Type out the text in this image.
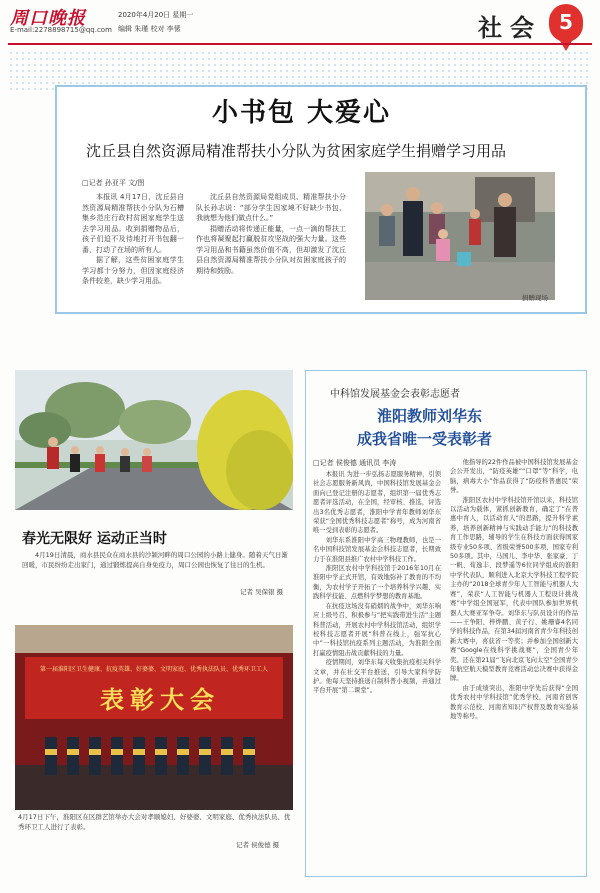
周口晚报
E-mail:2278898715@qq.com
2020年4月20日 星期一
编辑 朱瑾 校对 李愫	社会 5
小书包 大爱心
沈丘县自然资源局精准帮扶小分队为贫困家庭学生捐赠学习用品
□记者 孙亚平 文/图

本报讯 4月17日，沈丘县自然资源局精准帮扶小分队为石槽集乡范庄行政村贫困家庭学生送去学习用品。收到捐赠物品后，孩子们迫不及待地打开书包翻一番，打动了在场的所有人。

据了解，这些贫困家庭学生学习都十分努力，但因家庭经济条件较差，缺少学习用品。

沈丘县自然资源局党组成员、精准帮扶小分队长孙志说：“部分学生因家境不好缺少书包，我就想为他们做点什么。”

捐赠活动将传递正能量，一点一滴的帮扶工作也将凝聚起打赢脱贫攻坚战的强大力量。这些学习用品和书籍虽然价值不高，但却激发了沈丘县自然资源局精准帮扶小分队对贫困家庭孩子的期待和鼓励。

捐赠现场
春光无限好 运动正当时
4月19日清晨，商水县民众在商水县的沙颍河畔的周口公园的小路上健身。随着天气日渐回暖，市民纷纷走出家门，通过锻炼提高自身免疫力，周口公园也恢复了往日的生机。
记者 吴保银 摄
第一届淮阳区卫生健康、抗疫英雄、好婆婆、文明家庭、优秀执法队员、优秀环卫工人
表彰大会
4月17日下午，淮阳区在区群艺馆举办大会对孝顺媳妇、好婆婆、文明家庭、优秀执法队员、优秀环卫工人进行了表彰。
记者 侯俊德 摄
中科馆发展基金会表彰志愿者
淮阳教师刘华东
成我省唯一受表彰者
□记者 侯俊德 通讯员 李涛

本报讯 为进一步弘扬志愿服务精神，引领社会志愿服务新风尚，中国科技馆发展基金会面向已登记注册的志愿者，组织第一届优秀志愿者评选活动，在全国，经审核、推选，评选出3名优秀志愿者，淮阳中学青年教师刘华东荣获“全国优秀科技志愿者”称号，成为河南省唯一受到表彰的志愿者。

刘华东系淮阳中学高三物理教师，也是一名中国科技馆发展基金会科技志愿者，长期致力于在淮阳县推广农村中学科技工作。

淮阳区农村中学科技馆于2016年10月在淮阳中学正式开馆，有效地弥补了教育的不均衡，为农村学子开拓了一个培养科学兴趣、实践科学技能、点燃科学梦想的教育基地。

在抗疫这场没有硝烟的战争中，刘华东响应上级号召，积极参与“把实践带进生活”主题科普活动，开展农村中学科技馆活动，组织学校科技志愿者开展“科普在线上，强军抗心中”一科技馆抗疫系列主题活动，为淮阳全面打赢疫情阻击战贡献科技的力量。

疫情期间，刘华东每天收集抗疫相关科学文章，并在社交平台推送，引导大家科学防护。他每天坚持推送自制科普小视频，并通过平台开展“第二课堂”。

他指导的22件作品被中国科技馆发展基金会公开发出，“防疫英雄”“口罩”等“科学，电脑，病毒大小”作品获得了“防疫科普惠民”荣誉。

淮阳区农村中学科技馆开馆以来，科技馆以活动为载体，紧抓创新教育，确定了“在普惠中育人，以活动育人”的思路，提升科学素养，培养创新精神与实践动手能力”的科技教育工作思路，辅导的学生在科技方面获得国家级专业50多项、省级荣誉500多项，国家专利50多项。其中，马国儿、李中华、张家豪、丁一帆、荀逸丰、段梦遥等6位同学组成的淮阳中学代表队，顺利进入北京大学科技工程学院主办的“2018全球青少年人工智能与机器人大赛”，荣获“人工智能与机器人工程设计挑战赛”中学组全国冠军，代表中国队参加世界机器人大赛亚军争夺。刘华东与队员设计的作品——王争阳、梓烨鹏、黄子行、姚珊睿4名同学的科技作品，在第34届河南省青少年科技创新大赛中，喜获省一等奖；并参加全国创新大赛“Google在线科学挑战赛”，全国青少年奖。还在第21届“飞向北京飞向太空”全国青少年航空航天模型教育竞赛活动总决赛中获得金牌。

由于成绩突出，淮阳中学先后获得“全国优秀农村中学科技馆”优秀学校，河南省创客教育示范校、河南省知识产权普及教育实验基地等称号。
